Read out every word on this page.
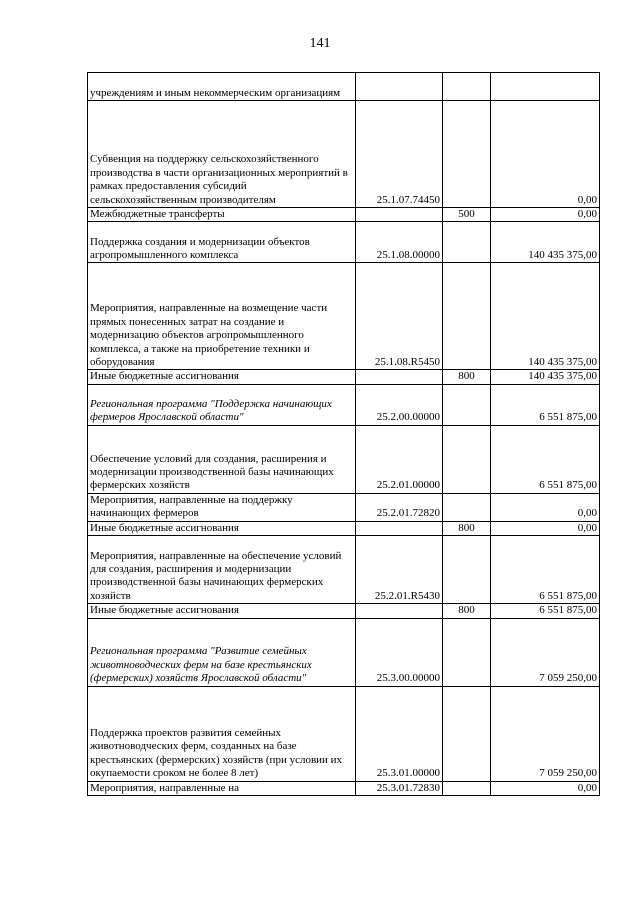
141
учреждениям и иным некоммерческим организациям			
Субвенция на поддержку сельскохозяйственного производства в части организационных мероприятий в рамках предоставления субсидий сельскохозяйственным производителям	25.1.07.74450		0,00
Межбюджетные трансферты		500	0,00
Поддержка создания и модернизации объектов агропромышленного комплекса	25.1.08.00000		140 435 375,00
Мероприятия, направленные на возмещение части прямых понесенных затрат на создание и модернизацию объектов агропромышленного комплекса, а также на приобретение техники и оборудования	25.1.08.R5450		140 435 375,00
Иные бюджетные ассигнования		800	140 435 375,00
Региональная программа "Поддержка начинающих фермеров Ярославской области"	25.2.00.00000		6 551 875,00
Обеспечение условий для создания, расширения и модернизации производственной базы начинающих фермерских хозяйств	25.2.01.00000		6 551 875,00
Мероприятия, направленные на поддержку начинающих фермеров	25.2.01.72820		0,00
Иные бюджетные ассигнования		800	0,00
Мероприятия, направленные на обеспечение условий для создания, расширения и модернизации производственной базы начинающих фермерских хозяйств	25.2.01.R5430		6 551 875,00
Иные бюджетные ассигнования		800	6 551 875,00
Региональная программа "Развитие семейных животноводческих ферм на базе крестьянских (фермерских) хозяйств Ярославской области"	25.3.00.00000		7 059 250,00
Поддержка проектов развития семейных животноводческих ферм, созданных на базе крестьянских (фермерских) хозяйств (при условии их окупаемости сроком не более 8 лет)	25.3.01.00000		7 059 250,00
Мероприятия, направленные на	25.3.01.72830		0,00
